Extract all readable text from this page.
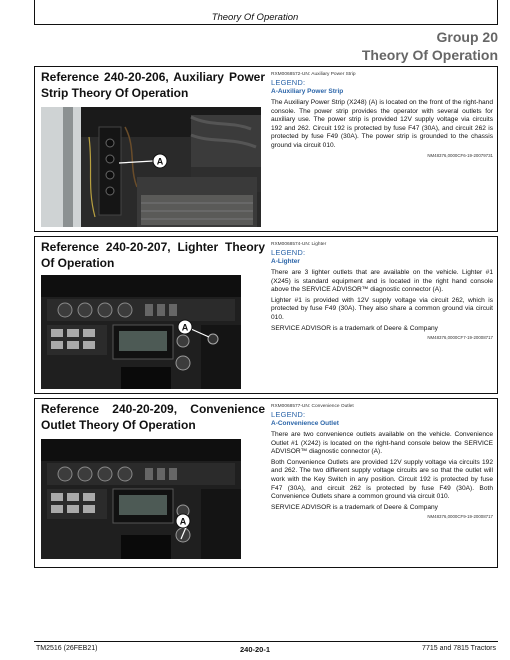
Theory Of Operation
Group 20
Theory Of Operation
Reference 240-20-206, Auxiliary Power Strip Theory Of Operation
A
RXM0068572-UN: Auxiliary Power Strip
LEGEND:
A-Auxiliary Power Strip
The Auxiliary Power Strip (X248) (A) is located on the front of the right-hand console. The power strip provides the operator with several outlets for auxiliary use. The power strip is provided 12V supply voltage via circuits 192 and 262. Circuit 192 is protected by fuse F47 (30A), and circuit 262 is protected by fuse F49 (30A). The power strip is grounded to the chassis ground via circuit 010.
NM48376,0000CF6-19-20079731
Reference 240-20-207, Lighter Theory Of Operation
A
RXM0068574-UN: Lighter
LEGEND:
A-Lighter
There are 3 lighter outlets that are available on the vehicle. Lighter #1 (X245) is standard equipment and is located in the right hand console above the SERVICE ADVISOR™ diagnostic connector (A).
Lighter #1 is provided with 12V supply voltage via circuit 262, which is protected by fuse F49 (30A). They also share a common ground via circuit 010.
SERVICE ADVISOR is a trademark of Deere & Company
NM48376,0000CF7-19-20008717
Reference 240-20-209, Convenience Outlet Theory Of Operation
A
RXM0068577-UN: Convenience Outlet
LEGEND:
A-Convenience Outlet
There are two convenience outlets available on the vehicle. Convenience Outlet #1 (X242) is located on the right-hand console below the SERVICE ADVISOR™ diagnostic connector (A).
Both Convenience Outlets are provided 12V supply voltage via circuits 192 and 262. The two different supply voltage circuits are so that the outlet will work with the Key Switch in any position. Circuit 192 is protected by fuse F47 (30A), and circuit 262 is protected by fuse F49 (30A). Both Convenience Outlets share a common ground via circuit 010.
SERVICE ADVISOR is a trademark of Deere & Company
NM48376,0000CF9-19-20008717
TM2516 (26FEB21)	240-20-1	7715 and 7815 Tractors
